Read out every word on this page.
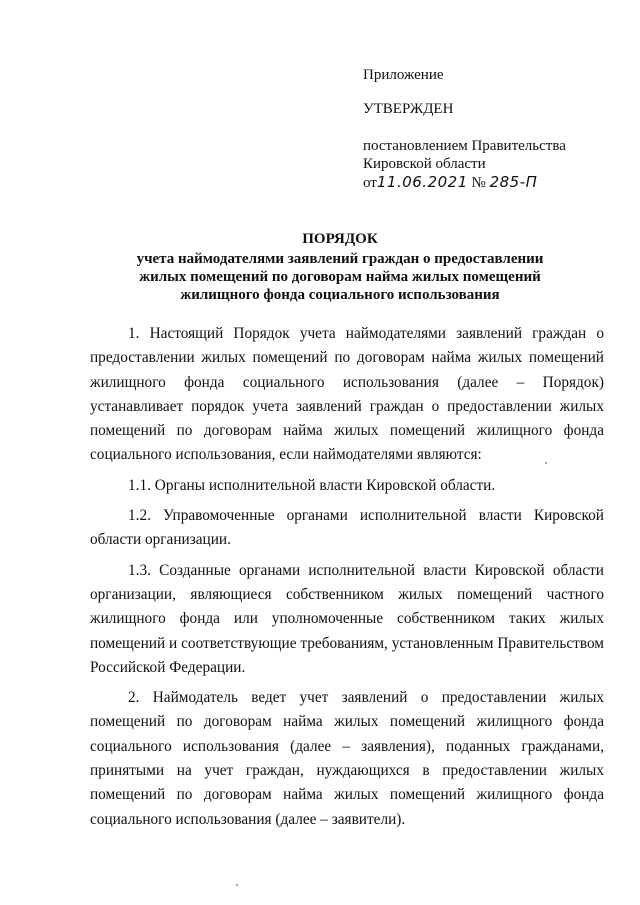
Приложение
УТВЕРЖДЕН
постановлением Правительства
Кировской области
от11.06.2021 № 285-П
ПОРЯДОК
учета наймодателями заявлений граждан о предоставлении
жилых помещений по договорам найма жилых помещений
жилищного фонда социального использования

1. Настоящий Порядок учета наймодателями заявлений граждан о предоставлении жилых помещений по договорам найма жилых помещений жилищного фонда социального использования (далее – Порядок) устанавливает порядок учета заявлений граждан о предоставлении жилых помещений по договорам найма жилых помещений жилищного фонда социального использования, если наймодателями являются:

1.1. Органы исполнительной власти Кировской области.

1.2. Управомоченные органами исполнительной власти Кировской области организации.

1.3. Созданные органами исполнительной власти Кировской области организации, являющиеся собственником жилых помещений частного жилищного фонда или уполномоченные собственником таких жилых помещений и соответствующие требованиям, установленным Правительством Российской Федерации.

2. Наймодатель ведет учет заявлений о предоставлении жилых помещений по договорам найма жилых помещений жилищного фонда социального использования (далее – заявления), поданных гражданами, принятыми на учет граждан, нуждающихся в предоставлении жилых помещений по договорам найма жилых помещений жилищного фонда социального использования (далее – заявители).
